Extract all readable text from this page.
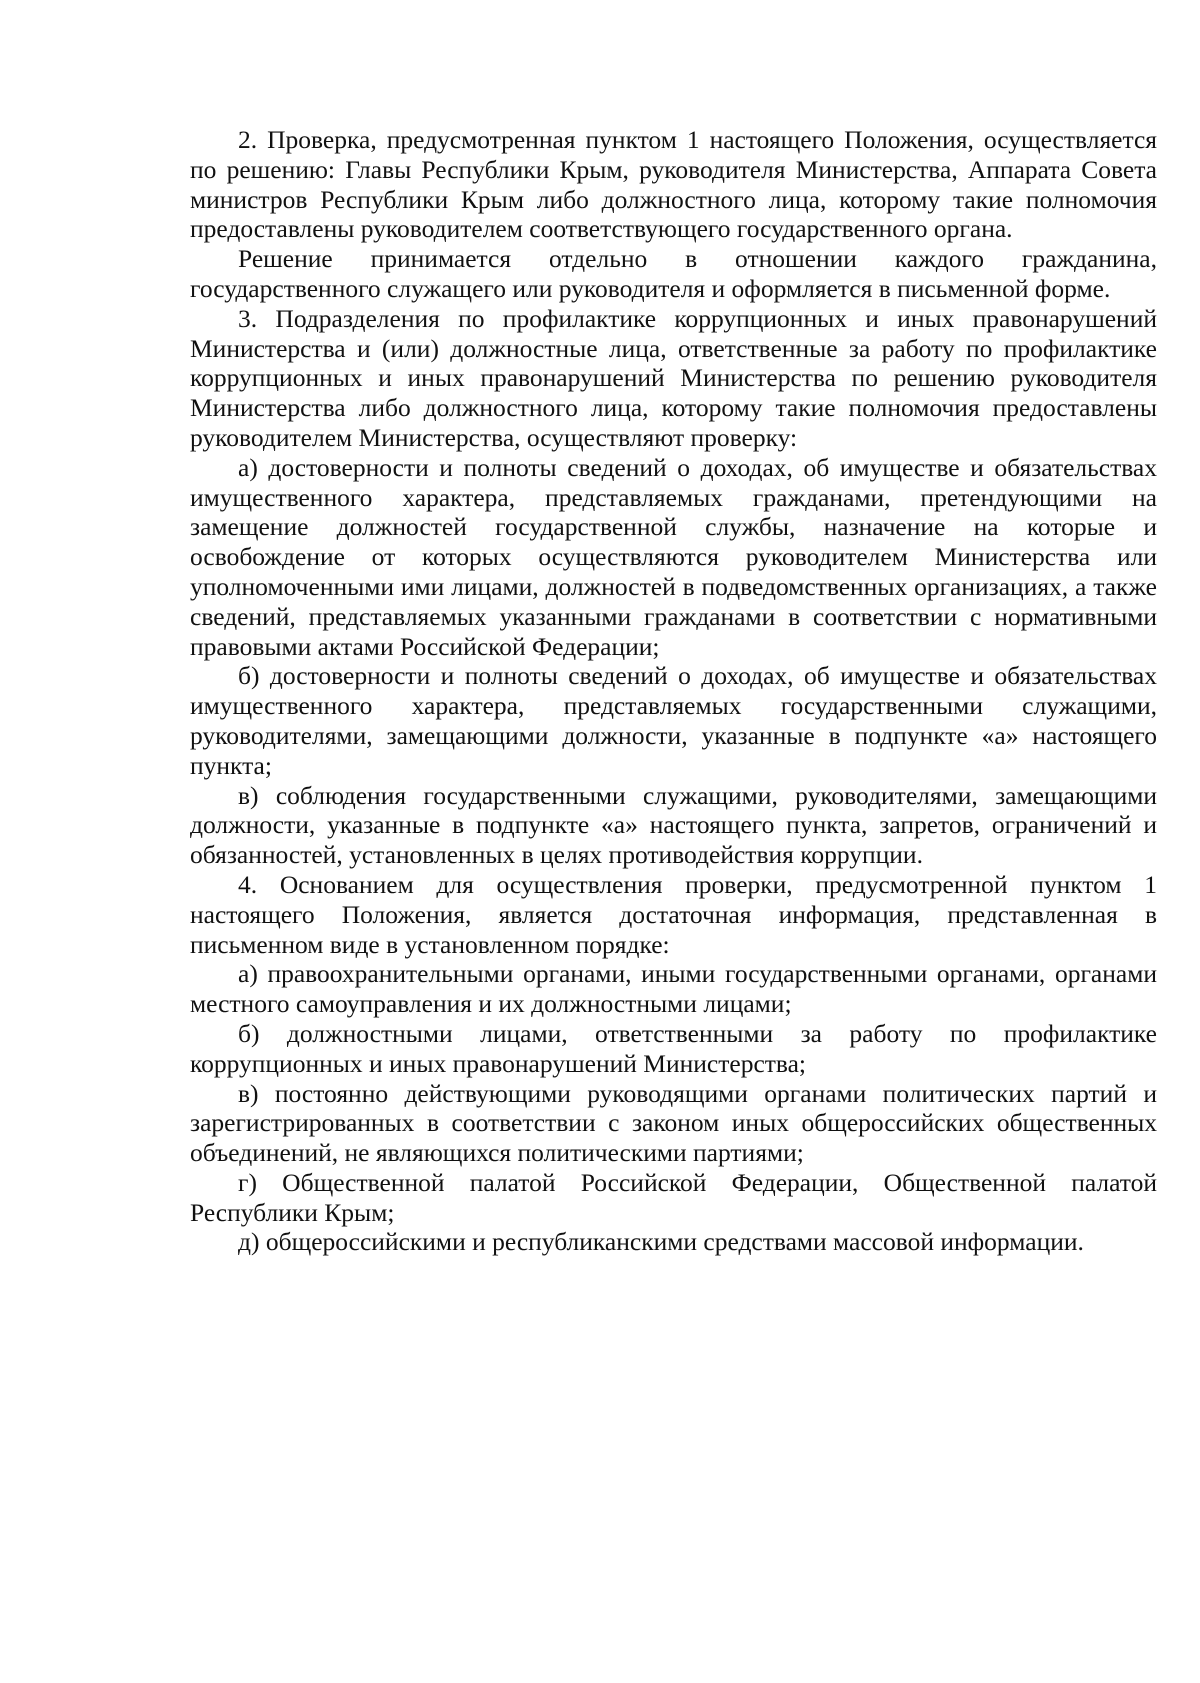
2. Проверка, предусмотренная пунктом 1 настоящего Положения, осуществляется по решению: Главы Республики Крым, руководителя Министерства, Аппарата Совета министров Республики Крым либо должностного лица, которому такие полномочия предоставлены руководителем соответствующего государственного органа.

Решение принимается отдельно в отношении каждого гражданина, государственного служащего или руководителя и оформляется в письменной форме.

3. Подразделения по профилактике коррупционных и иных правонарушений Министерства и (или) должностные лица, ответственные за работу по профилактике коррупционных и иных правонарушений Министерства по решению руководителя Министерства либо должностного лица, которому такие полномочия предоставлены руководителем Министерства, осуществляют проверку:

а) достоверности и полноты сведений о доходах, об имуществе и обязательствах имущественного характера, представляемых гражданами, претендующими на замещение должностей государственной службы, назначение на которые и освобождение от которых осуществляются руководителем Министерства или уполномоченными ими лицами, должностей в подведомственных организациях, а также сведений, представляемых указанными гражданами в соответствии с нормативными правовыми актами Российской Федерации;

б) достоверности и полноты сведений о доходах, об имуществе и обязательствах имущественного характера, представляемых государственными служащими, руководителями, замещающими должности, указанные в подпункте «а» настоящего пункта;

в) соблюдения государственными служащими, руководителями, замещающими должности, указанные в подпункте «а» настоящего пункта, запретов, ограничений и обязанностей, установленных в целях противодействия коррупции.

4. Основанием для осуществления проверки, предусмотренной пунктом 1 настоящего Положения, является достаточная информация, представленная в письменном виде в установленном порядке:

а) правоохранительными органами, иными государственными органами, органами местного самоуправления и их должностными лицами;

б) должностными лицами, ответственными за работу по профилактике коррупционных и иных правонарушений Министерства;

в) постоянно действующими руководящими органами политических партий и зарегистрированных в соответствии с законом иных общероссийских общественных объединений, не являющихся политическими партиями;

г) Общественной палатой Российской Федерации, Общественной палатой Республики Крым;

д) общероссийскими и республиканскими средствами массовой информации.
